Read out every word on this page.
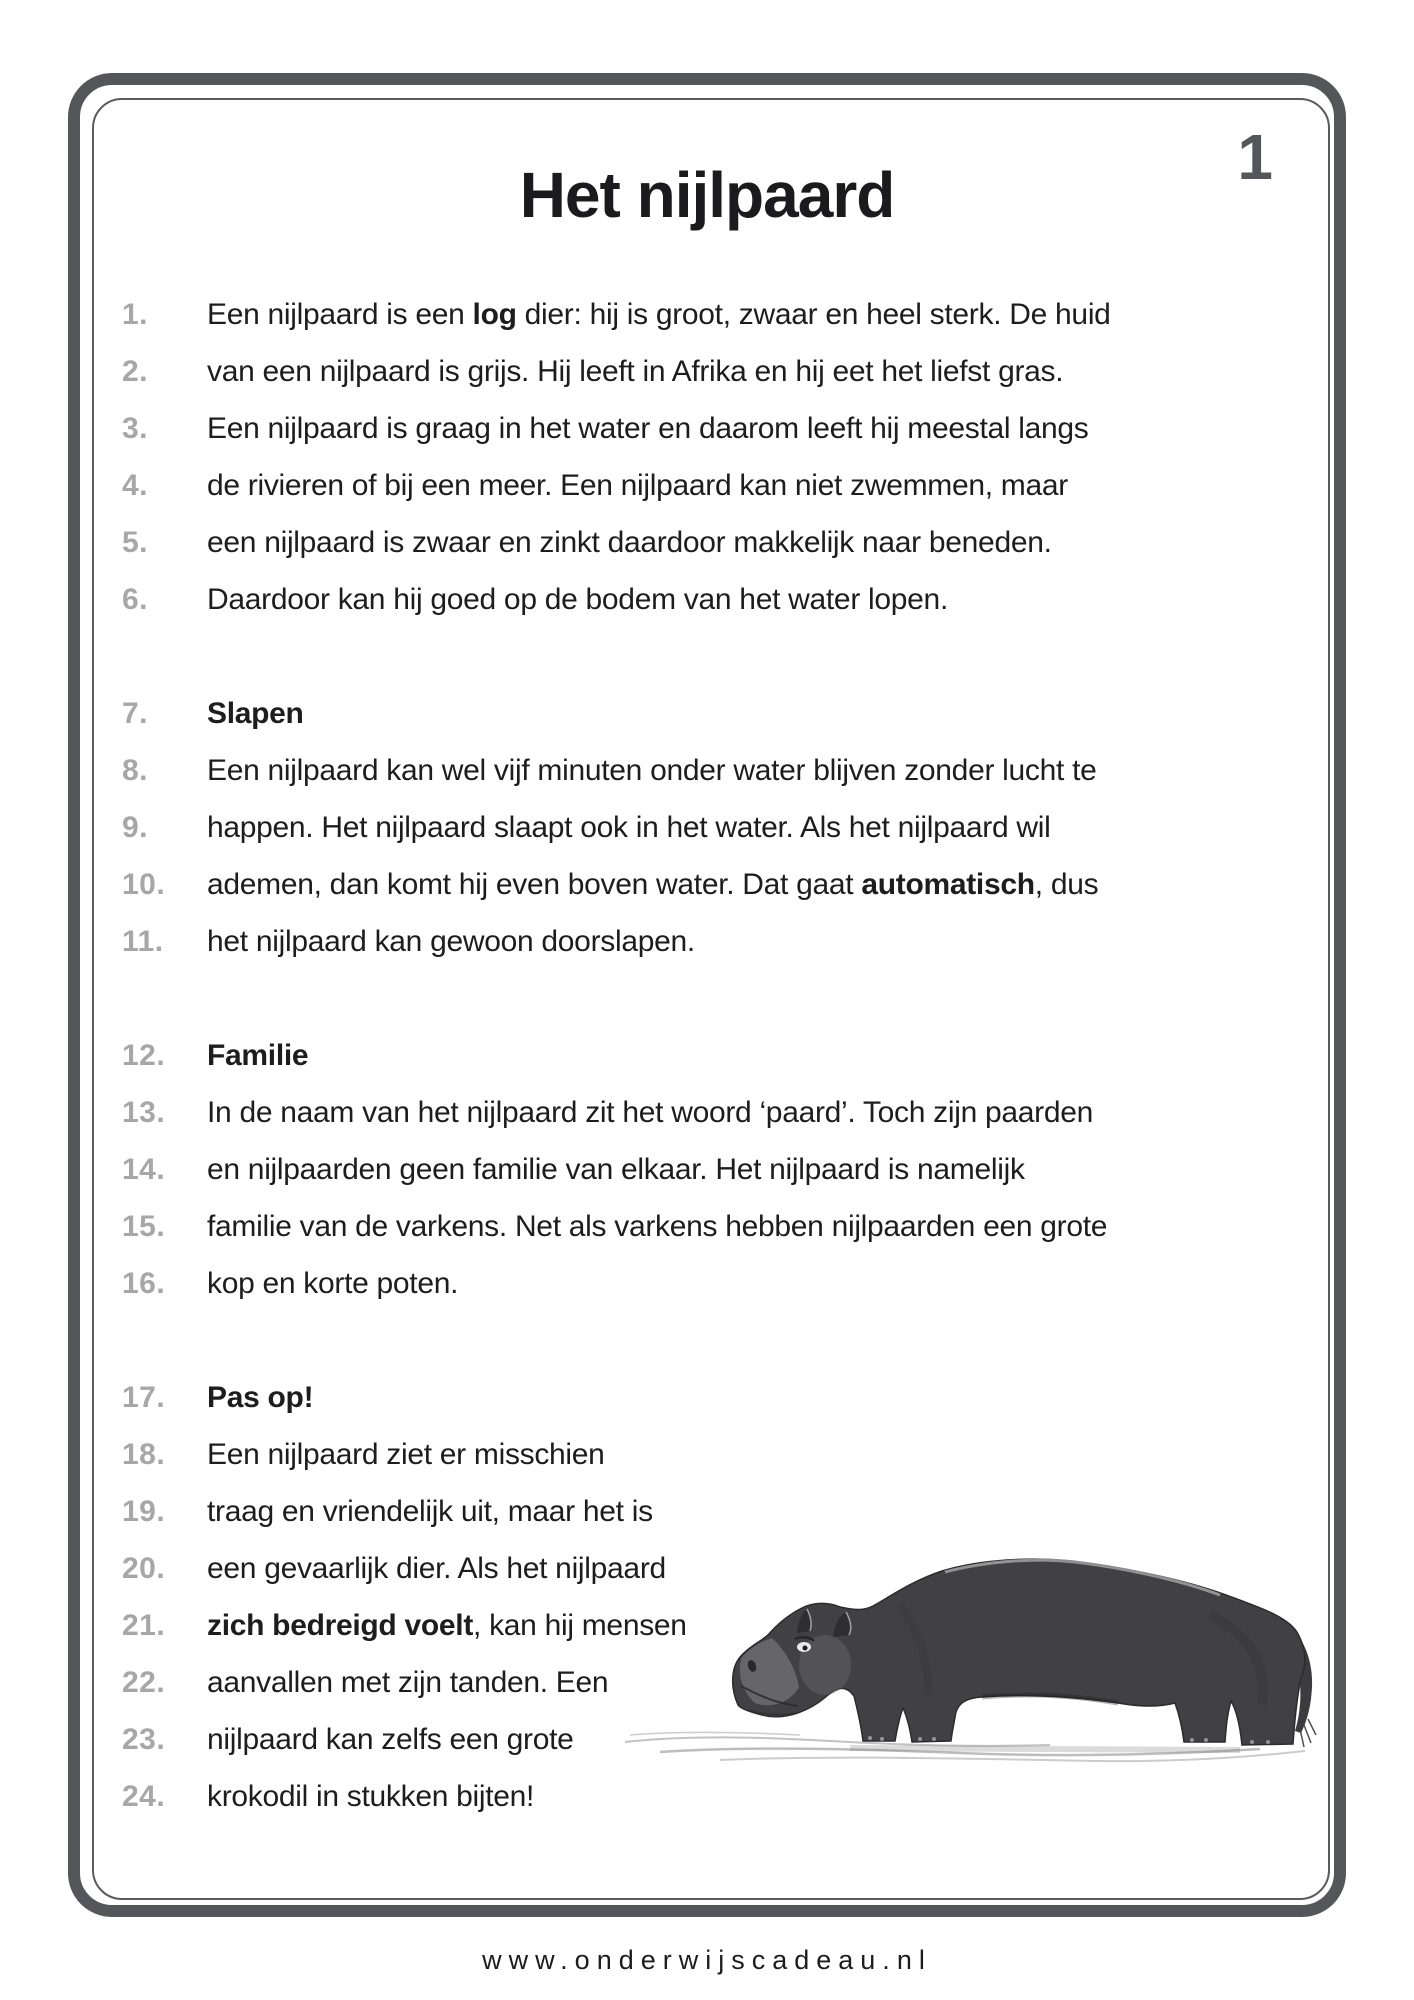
Het nijlpaard
1
1.	Een nijlpaard is een log dier: hij is groot, zwaar en heel sterk. De huid
2.	van een nijlpaard is grijs. Hij leeft in Afrika en hij eet het liefst gras.
3.	Een nijlpaard is graag in het water en daarom leeft hij meestal langs
4.	de rivieren of bij een meer. Een nijlpaard kan niet zwemmen, maar
5.	een nijlpaard is zwaar en zinkt daardoor makkelijk naar beneden.
6.	Daardoor kan hij goed op de bodem van het water lopen.
7.	Slapen
8.	Een nijlpaard kan wel vijf minuten onder water blijven zonder lucht te
9.	happen. Het nijlpaard slaapt ook in het water. Als het nijlpaard wil
10.	ademen, dan komt hij even boven water. Dat gaat automatisch, dus
11.	het nijlpaard kan gewoon doorslapen.
12.	Familie
13.	In de naam van het nijlpaard zit het woord ‘paard’. Toch zijn paarden
14.	en nijlpaarden geen familie van elkaar. Het nijlpaard is namelijk
15.	familie van de varkens. Net als varkens hebben nijlpaarden een grote
16.	kop en korte poten.
17.	Pas op!
18.	Een nijlpaard ziet er misschien
19.	traag en vriendelijk uit, maar het is
20.	een gevaarlijk dier. Als het nijlpaard
21.	zich bedreigd voelt, kan hij mensen
22.	aanvallen met zijn tanden. Een
23.	nijlpaard kan zelfs een grote
24.	krokodil in stukken bijten!
www.onderwijscadeau.nl
